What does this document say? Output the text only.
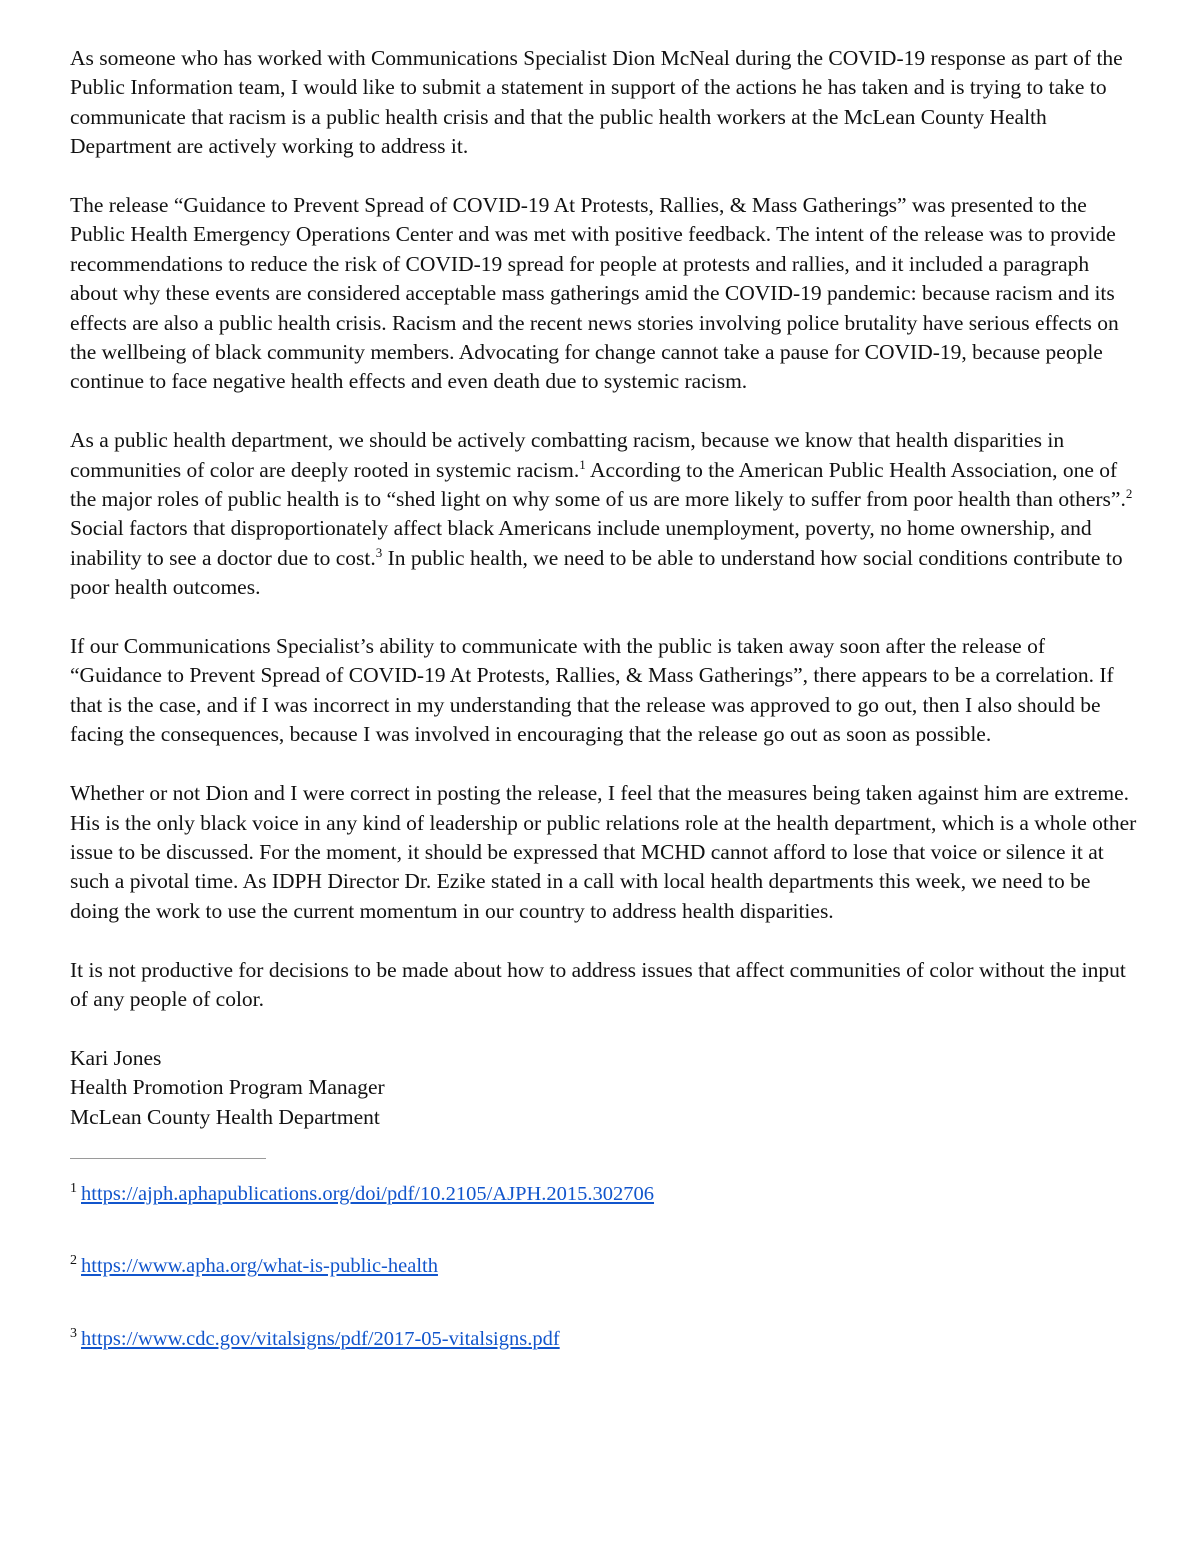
As someone who has worked with Communications Specialist Dion McNeal during the COVID-19 response as part of the Public Information team, I would like to submit a statement in support of the actions he has taken and is trying to take to communicate that racism is a public health crisis and that the public health workers at the McLean County Health Department are actively working to address it.

The release “Guidance to Prevent Spread of COVID-19 At Protests, Rallies, & Mass Gatherings” was presented to the Public Health Emergency Operations Center and was met with positive feedback. The intent of the release was to provide recommendations to reduce the risk of COVID-19 spread for people at protests and rallies, and it included a paragraph about why these events are considered acceptable mass gatherings amid the COVID-19 pandemic: because racism and its effects are also a public health crisis. Racism and the recent news stories involving police brutality have serious effects on the wellbeing of black community members. Advocating for change cannot take a pause for COVID-19, because people continue to face negative health effects and even death due to systemic racism.

As a public health department, we should be actively combatting racism, because we know that health disparities in communities of color are deeply rooted in systemic racism.$^1$ According to the American Public Health Association, one of the major roles of public health is to “shed light on why some of us are more likely to suffer from poor health than others”.$^2$ Social factors that disproportionately affect black Americans include unemployment, poverty, no home ownership, and inability to see a doctor due to cost.$^3$ In public health, we need to be able to understand how social conditions contribute to poor health outcomes.

If our Communications Specialist’s ability to communicate with the public is taken away soon after the release of “Guidance to Prevent Spread of COVID-19 At Protests, Rallies, & Mass Gatherings”, there appears to be a correlation. If that is the case, and if I was incorrect in my understanding that the release was approved to go out, then I also should be facing the consequences, because I was involved in encouraging that the release go out as soon as possible.

Whether or not Dion and I were correct in posting the release, I feel that the measures being taken against him are extreme. His is the only black voice in any kind of leadership or public relations role at the health department, which is a whole other issue to be discussed. For the moment, it should be expressed that MCHD cannot afford to lose that voice or silence it at such a pivotal time. As IDPH Director Dr. Ezike stated in a call with local health departments this week, we need to be doing the work to use the current momentum in our country to address health disparities.

It is not productive for decisions to be made about how to address issues that affect communities of color without the input of any people of color.

Kari Jones
Health Promotion Program Manager
McLean County Health Department

$^1$ https://ajph.aphapublications.org/doi/pdf/10.2105/AJPH.2015.302706

$^2$ https://www.apha.org/what-is-public-health

$^3$ https://www.cdc.gov/vitalsigns/pdf/2017-05-vitalsigns.pdf
